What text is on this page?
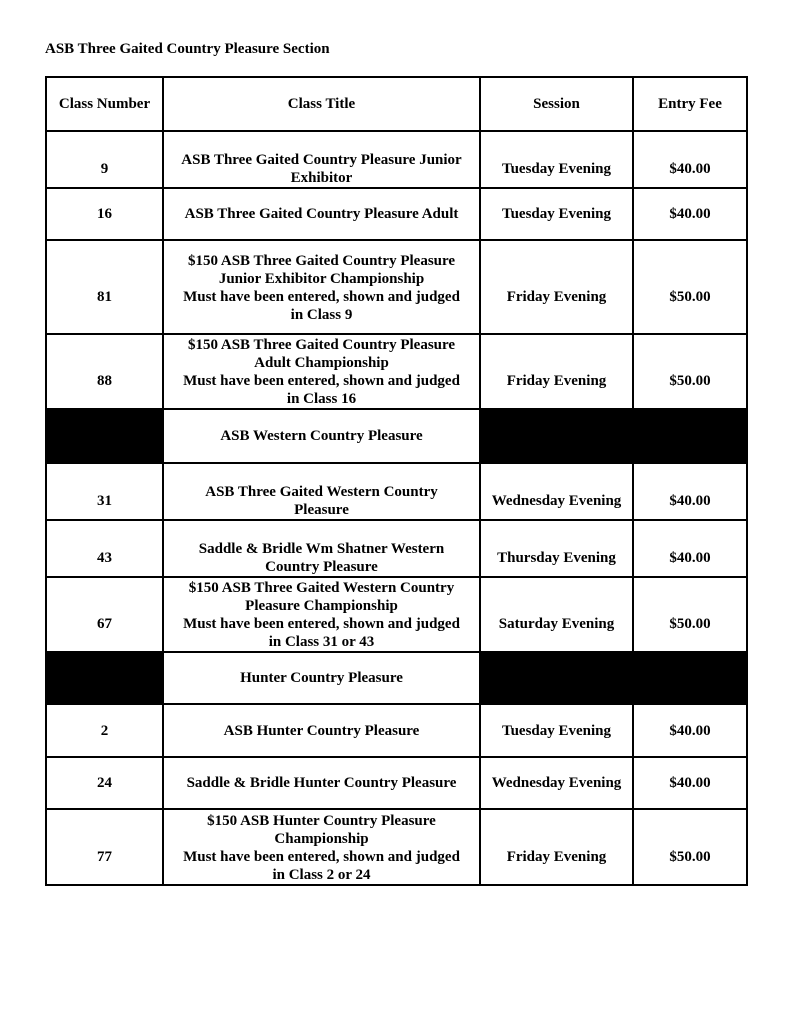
ASB Three Gaited Country Pleasure Section
Class Number	Class Title	Session	Entry Fee

9	ASB Three Gaited Country Pleasure Junior
Exhibitor	Tuesday Evening	$40.00

16	ASB Three Gaited Country Pleasure Adult	Tuesday Evening	$40.00

81	$150 ASB Three Gaited Country Pleasure
Junior Exhibitor Championship
Must have been entered, shown and judged
in Class 9	Friday Evening	$50.00

88	$150 ASB Three Gaited Country Pleasure
Adult Championship
Must have been entered, shown and judged
in Class 16	Friday Evening	$50.00

	ASB Western Country Pleasure		

31	ASB Three Gaited Western Country
Pleasure	Wednesday Evening	$40.00

43	Saddle & Bridle Wm Shatner Western
Country Pleasure	Thursday Evening	$40.00

67	$150 ASB Three Gaited Western Country
Pleasure Championship
Must have been entered, shown and judged
in Class 31 or 43	Saturday Evening	$50.00

	Hunter Country Pleasure		
2	ASB Hunter Country Pleasure	Tuesday Evening	$40.00
24	Saddle & Bridle Hunter Country Pleasure	Wednesday Evening	$40.00

77	$150 ASB Hunter Country Pleasure
Championship
Must have been entered, shown and judged
in Class 2 or 24	Friday Evening	$50.00
